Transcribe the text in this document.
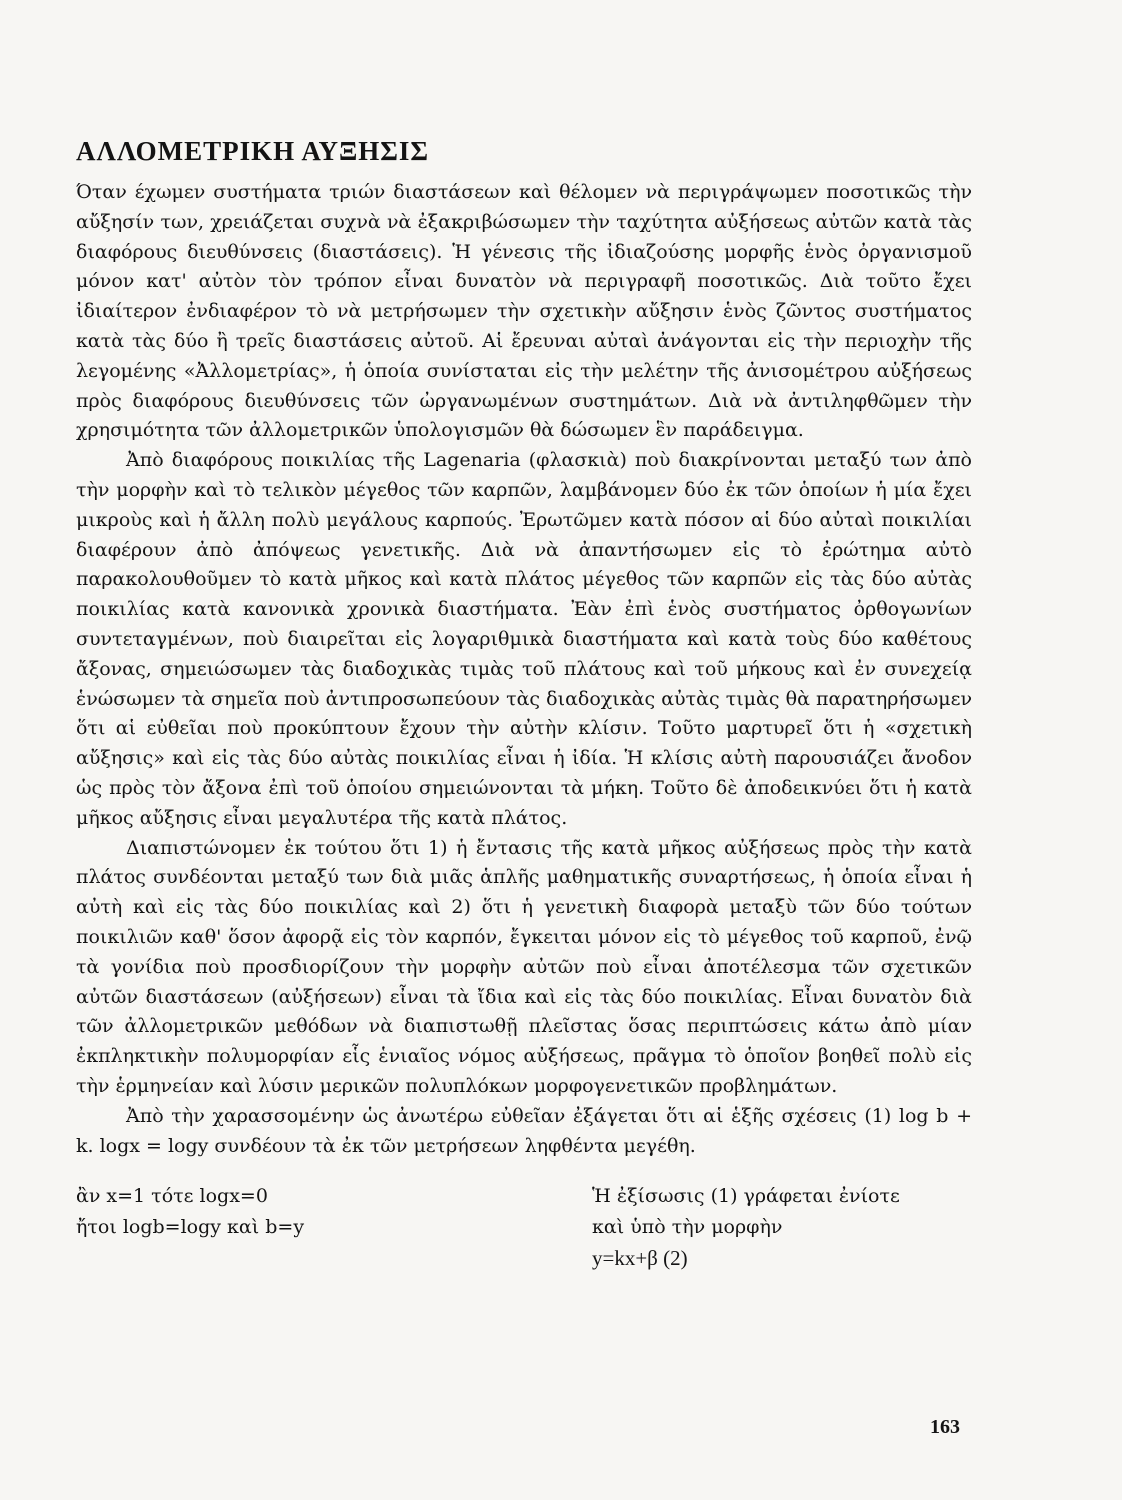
ΑΛΛΟΜΕΤΡΙΚΗ ΑΥΞΗΣΙΣ

Όταν έχωμεν συστήματα τριών διαστάσεων καὶ θέλομεν νὰ περιγράψωμεν ποσοτικῶς τὴν αὔξησίν των, χρειάζεται συχνὰ νὰ ἐξακριβώσωμεν τὴν ταχύτητα αὐξήσεως αὐτῶν κατὰ τὰς διαφόρους διευθύνσεις (διαστάσεις). Ἡ γένεσις τῆς ἰδιαζούσης μορφῆς ἑνὸς ὀργανισμοῦ μόνον κατ' αὐτὸν τὸν τρόπον εἶναι δυνατὸν νὰ περιγραφῆ ποσοτικῶς. Διὰ τοῦτο ἔχει ἰδιαίτερον ἐνδιαφέρον τὸ νὰ μετρήσωμεν τὴν σχετικὴν αὔξησιν ἑνὸς ζῶντος συστήματος κατὰ τὰς δύο ἢ τρεῖς διαστάσεις αὐτοῦ. Αἱ ἔρευναι αὐταὶ ἀνάγονται εἰς τὴν περιοχὴν τῆς λεγομένης «Ἀλλομετρίας», ἡ ὁποία συνίσταται εἰς τὴν μελέτην τῆς ἀνισομέτρου αὐξήσεως πρὸς διαφόρους διευθύνσεις τῶν ὠργανωμένων συστημάτων. Διὰ νὰ ἀντιληφθῶμεν τὴν χρησιμότητα τῶν ἀλλομετρικῶν ὑπολογισμῶν θὰ δώσωμεν ἓν παράδειγμα.

Ἀπὸ διαφόρους ποικιλίας τῆς Lagenaria (φλασκιὰ) ποὺ διακρίνονται μεταξύ των ἀπὸ τὴν μορφὴν καὶ τὸ τελικὸν μέγεθος τῶν καρπῶν, λαμβάνομεν δύο ἐκ τῶν ὁποίων ἡ μία ἔχει μικροὺς καὶ ἡ ἄλλη πολὺ μεγάλους καρπούς. Ἐρωτῶμεν κατὰ πόσον αἱ δύο αὐταὶ ποικιλίαι διαφέρουν ἀπὸ ἀπόψεως γενετικῆς. Διὰ νὰ ἀπαντήσωμεν εἰς τὸ ἐρώτημα αὐτὸ παρακολουθοῦμεν τὸ κατὰ μῆκος καὶ κατὰ πλάτος μέγεθος τῶν καρπῶν εἰς τὰς δύο αὐτὰς ποικιλίας κατὰ κανονικὰ χρονικὰ διαστήματα. Ἐὰν ἐπὶ ἑνὸς συστήματος ὀρθογωνίων συντεταγμένων, ποὺ διαιρεῖται εἰς λογαριθμικὰ διαστήματα καὶ κατὰ τοὺς δύο καθέτους ἄξονας, σημειώσωμεν τὰς διαδοχικὰς τιμὰς τοῦ πλάτους καὶ τοῦ μήκους καὶ ἐν συνεχείᾳ ἑνώσωμεν τὰ σημεῖα ποὺ ἀντιπροσωπεύουν τὰς διαδοχικὰς αὐτὰς τιμὰς θὰ παρατηρήσωμεν ὅτι αἱ εὐθεῖαι ποὺ προκύπτουν ἔχουν τὴν αὐτὴν κλίσιν. Τοῦτο μαρτυρεῖ ὅτι ἡ «σχετικὴ αὔξησις» καὶ εἰς τὰς δύο αὐτὰς ποικιλίας εἶναι ἡ ἰδία. Ἡ κλίσις αὐτὴ παρουσιάζει ἄνοδον ὡς πρὸς τὸν ἄξονα ἐπὶ τοῦ ὁποίου σημειώνονται τὰ μήκη. Τοῦτο δὲ ἀποδεικνύει ὅτι ἡ κατὰ μῆκος αὔξησις εἶναι μεγαλυτέρα τῆς κατὰ πλάτος.

Διαπιστώνομεν ἐκ τούτου ὅτι 1) ἡ ἔντασις τῆς κατὰ μῆκος αὐξήσεως πρὸς τὴν κατὰ πλάτος συνδέονται μεταξύ των διὰ μιᾶς ἁπλῆς μαθηματικῆς συναρτήσεως, ἡ ὁποία εἶναι ἡ αὐτὴ καὶ εἰς τὰς δύο ποικιλίας καὶ 2) ὅτι ἡ γενετικὴ διαφορὰ μεταξὺ τῶν δύο τούτων ποικιλιῶν καθ' ὅσον ἀφορᾷ εἰς τὸν καρπόν, ἔγκειται μόνον εἰς τὸ μέγεθος τοῦ καρποῦ, ἐνῷ τὰ γονίδια ποὺ προσδιορίζουν τὴν μορφὴν αὐτῶν ποὺ εἶναι ἀποτέλεσμα τῶν σχετικῶν αὐτῶν διαστάσεων (αὐξήσεων) εἶναι τὰ ἴδια καὶ εἰς τὰς δύο ποικιλίας. Εἶναι δυνατὸν διὰ τῶν ἀλλομετρικῶν μεθόδων νὰ διαπιστωθῇ πλεῖστας ὅσας περιπτώσεις κάτω ἀπὸ μίαν ἐκπληκτικὴν πολυμορφίαν εἷς ἑνιαῖος νόμος αὐξήσεως, πρᾶγμα τὸ ὁποῖον βοηθεῖ πολὺ εἰς τὴν ἑρμηνείαν καὶ λύσιν μερικῶν πολυπλόκων μορφογενετικῶν προβλημάτων.

Ἀπὸ τὴν χαρασσομένην ὡς ἀνωτέρω εὐθεῖαν ἐξάγεται ὅτι αἱ ἑξῆς σχέσεις (1) log b + k. logx = logy συνδέουν τὰ ἐκ τῶν μετρήσεων ληφθέντα μεγέθη.

ἂν x=1 τότε logx=0
ἤτοι logb=logy καὶ b=y
Ἡ ἐξίσωσις (1) γράφεται ἐνίοτε
καὶ ὑπὸ τὴν μορφὴν
y=kx+β (2)
163
